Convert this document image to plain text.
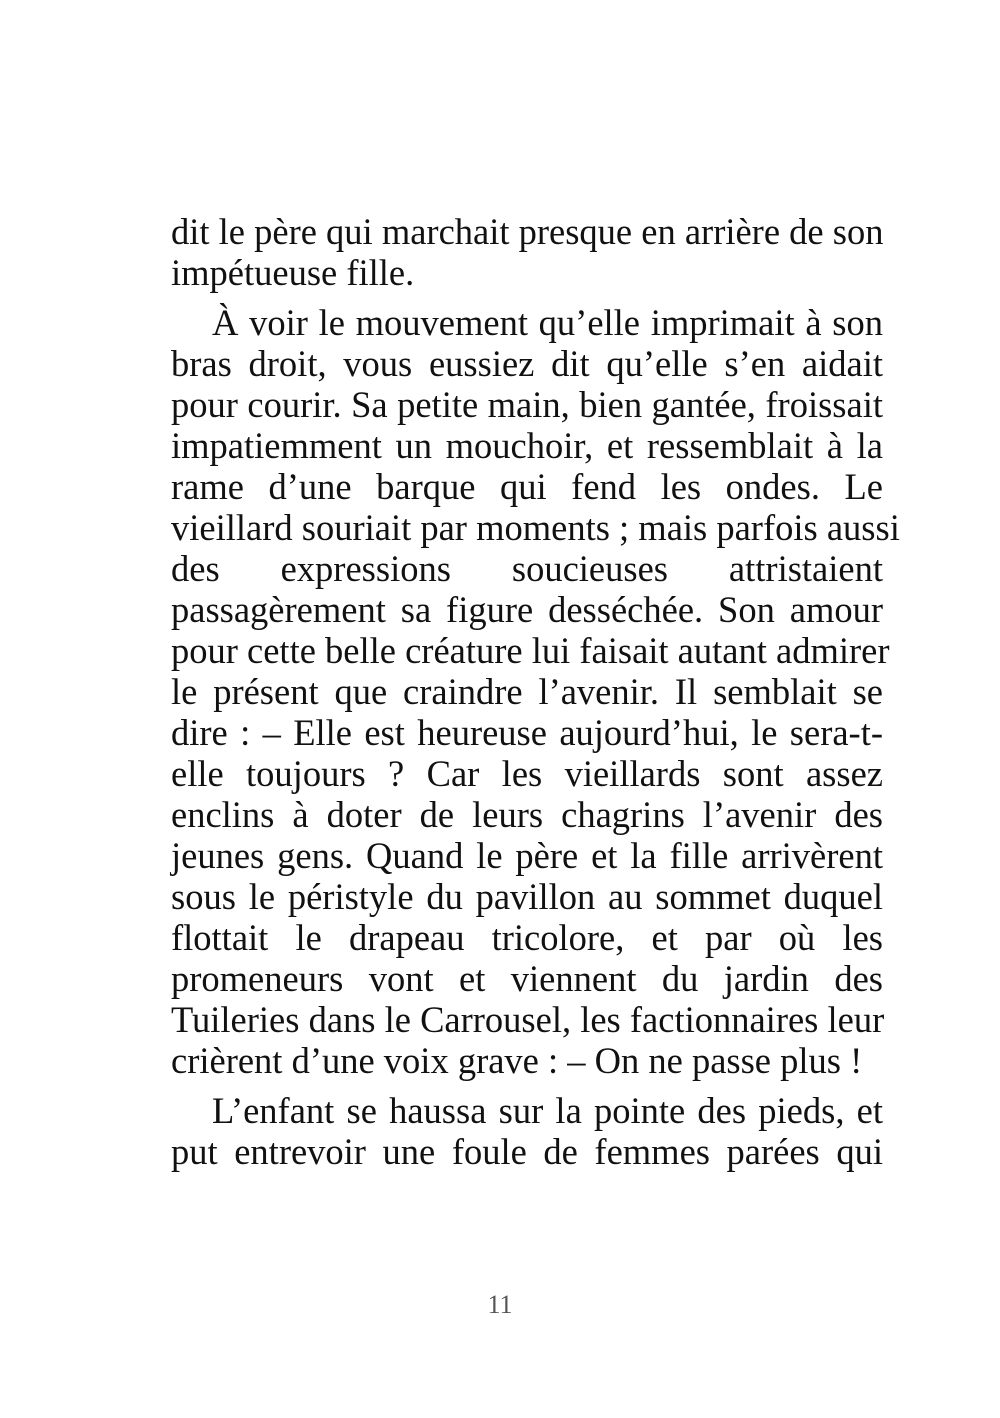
dit le père qui marchait presque en arrière de son
impétueuse fille.
À voir le mouvement qu’elle imprimait à son
bras droit, vous eussiez dit qu’elle s’en aidait
pour courir. Sa petite main, bien gantée, froissait
impatiemment un mouchoir, et ressemblait à la
rame d’une barque qui fend les ondes. Le
vieillard souriait par moments ; mais parfois aussi
des expressions soucieuses attristaient
passagèrement sa figure desséchée. Son amour
pour cette belle créature lui faisait autant admirer
le présent que craindre l’avenir. Il semblait se
dire : – Elle est heureuse aujourd’hui, le sera-t-
elle toujours ? Car les vieillards sont assez
enclins à doter de leurs chagrins l’avenir des
jeunes gens. Quand le père et la fille arrivèrent
sous le péristyle du pavillon au sommet duquel
flottait le drapeau tricolore, et par où les
promeneurs vont et viennent du jardin des
Tuileries dans le Carrousel, les factionnaires leur
crièrent d’une voix grave : – On ne passe plus !
L’enfant se haussa sur la pointe des pieds, et
put entrevoir une foule de femmes parées qui
11
